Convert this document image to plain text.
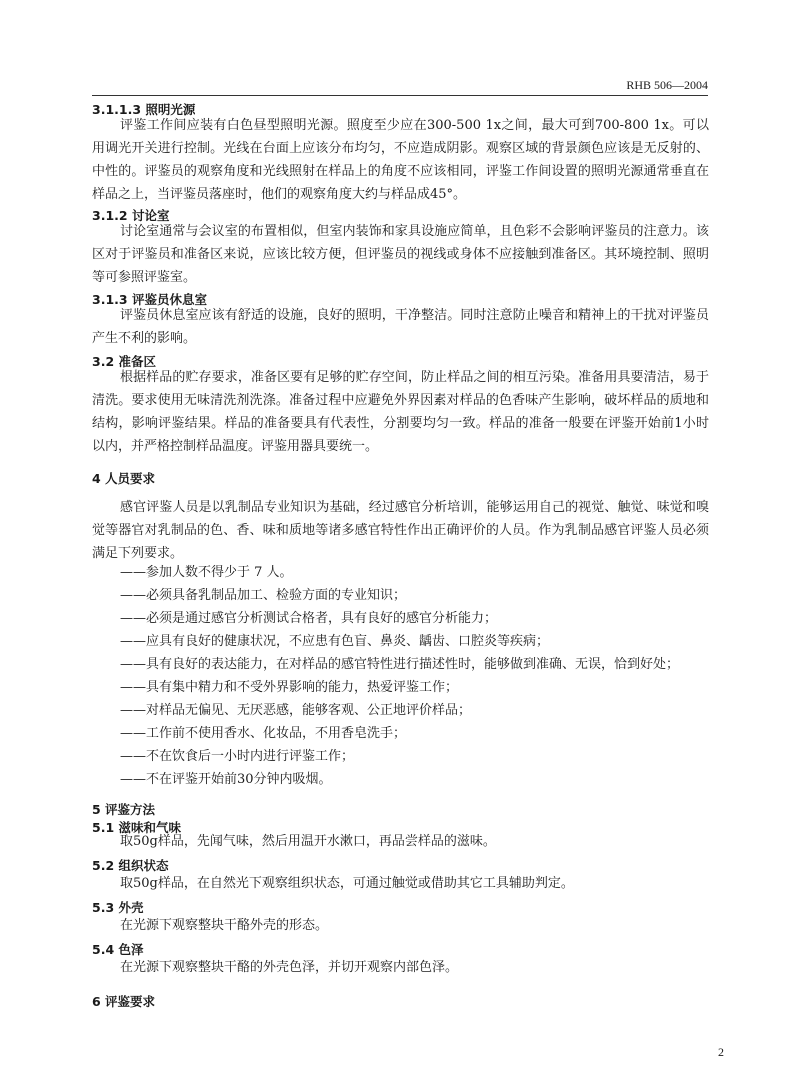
RHB 506—2004
3.1.1.3 照明光源

评鉴工作间应装有白色昼型照明光源。照度至少应在300-500 1x之间，最大可到700-800 1x。可以用调光开关进行控制。光线在台面上应该分布均匀，不应造成阴影。观察区域的背景颜色应该是无反射的、中性的。评鉴员的观察角度和光线照射在样品上的角度不应该相同，评鉴工作间设置的照明光源通常垂直在样品之上，当评鉴员落座时，他们的观察角度大约与样品成45°。

3.1.2 讨论室

讨论室通常与会议室的布置相似，但室内装饰和家具设施应简单，且色彩不会影响评鉴员的注意力。该区对于评鉴员和准备区来说，应该比较方便，但评鉴员的视线或身体不应接触到准备区。其环境控制、照明等可参照评鉴室。

3.1.3 评鉴员休息室

评鉴员休息室应该有舒适的设施，良好的照明，干净整洁。同时注意防止噪音和精神上的干扰对评鉴员产生不利的影响。

3.2 准备区

根据样品的贮存要求，准备区要有足够的贮存空间，防止样品之间的相互污染。准备用具要清洁，易于清洗。要求使用无味清洗剂洗涤。准备过程中应避免外界因素对样品的色香味产生影响，破坏样品的质地和结构，影响评鉴结果。样品的准备要具有代表性，分割要均匀一致。样品的准备一般要在评鉴开始前1小时以内，并严格控制样品温度。评鉴用器具要统一。

4 人员要求

感官评鉴人员是以乳制品专业知识为基础，经过感官分析培训，能够运用自己的视觉、触觉、味觉和嗅觉等器官对乳制品的色、香、味和质地等诸多感官特性作出正确评价的人员。作为乳制品感官评鉴人员必须满足下列要求。

——参加人数不得少于 7 人。
——必须具备乳制品加工、检验方面的专业知识；
——必须是通过感官分析测试合格者，具有良好的感官分析能力；
——应具有良好的健康状况，不应患有色盲、鼻炎、龋齿、口腔炎等疾病；
——具有良好的表达能力，在对样品的感官特性进行描述性时，能够做到准确、无误，恰到好处；
——具有集中精力和不受外界影响的能力，热爱评鉴工作；
——对样品无偏见、无厌恶感，能够客观、公正地评价样品；
——工作前不使用香水、化妆品，不用香皂洗手；
——不在饮食后一小时内进行评鉴工作；
——不在评鉴开始前30分钟内吸烟。
5 评鉴方法
5.1 滋味和气味

取50g样品，先闻气味，然后用温开水漱口，再品尝样品的滋味。

5.2 组织状态

取50g样品，在自然光下观察组织状态，可通过触觉或借助其它工具辅助判定。

5.3 外壳

在光源下观察整块干酪外壳的形态。

5.4 色泽

在光源下观察整块干酪的外壳色泽，并切开观察内部色泽。

6 评鉴要求
2
